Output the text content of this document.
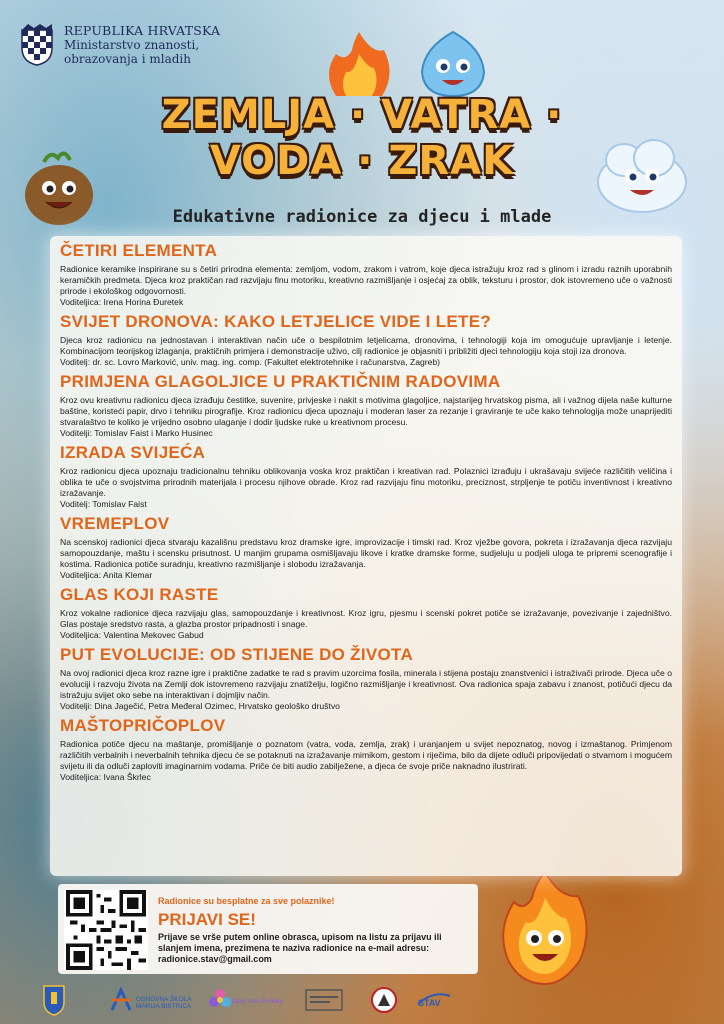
REPUBLIKA HRVATSKA
Ministarstvo znanosti,
obrazovanja i mladih
ZEMLJA · VATRA · VODA · ZRAK
Edukativne radionice za djecu i mlade
ČETIRI ELEMENTA

Radionice keramike inspirirane su s četiri prirodna elementa: zemljom, vodom, zrakom i vatrom, koje djeca istražuju kroz rad s glinom i izradu raznih uporabnih keramičkih predmeta. Djeca kroz praktičan rad razvijaju finu motoriku, kreativno razmišljanje i osjećaj za oblik, teksturu i prostor, dok istovremeno uče o važnosti prirode i ekološkog odgovornosti.

Voditeljica: Irena Horina Đuretek
SVIJET DRONOVA: KAKO LETJELICE VIDE I LETE?

Djeca kroz radionicu na jednostavan i interaktivan način uče o bespilotnim letjelicama, dronovima, i tehnologiji koja im omogućuje upravljanje i letenje. Kombinacijom teorijskog izlaganja, praktičnih primjera i demonstracije uživo, cilj radionice je objasniti i približiti djeci tehnologiju koja stoji iza dronova.

Voditelj: dr. sc. Lovro Marković, univ. mag. ing. comp. (Fakultet elektrotehnike i računarstva, Zagreb)
PRIMJENA GLAGOLJICE U PRAKTIČNIM RADOVIMA

Kroz ovu kreativnu radionicu djeca izrađuju čestitke, suvenire, privjeske i nakit s motivima glagoljice, najstarijeg hrvatskog pisma, ali i važnog dijela naše kulturne baštine, koristeći papir, drvo i tehniku pirografije. Kroz radionicu djeca upoznaju i moderan laser za rezanje i graviranje te uče kako tehnologija može unaprijediti stvaralaštvo te koliko je vrijedno osobno ulaganje i dodir ljudske ruke u kreativnom procesu.

Voditelji: Tomislav Faist i Marko Husinec
IZRADA SVIJEĆA

Kroz radionicu djeca upoznaju tradicionalnu tehniku oblikovanja voska kroz praktičan i kreativan rad. Polaznici izrađuju i ukrašavaju svijeće različitih veličina i oblika te uče o svojstvima prirodnih materijala i procesu njihove obrade. Kroz rad razvijaju finu motoriku, preciznost, strpljenje te potiču inventivnost i kreativno izražavanje.

Voditelj: Tomislav Faist
VREMEPLOV

Na scenskoj radionici djeca stvaraju kazališnu predstavu kroz dramske igre, improvizacije i timski rad. Kroz vježbe govora, pokreta i izražavanja djeca razvijaju samopouzdanje, maštu i scensku prisutnost. U manjim grupama osmišljavaju likove i kratke dramske forme, sudjeluju u podjeli uloga te pripremi scenografije i kostima. Radionica potiče suradnju, kreativno razmišljanje i slobodu izražavanja.

Voditeljica: Anita Klemar
GLAS KOJI RASTE

Kroz vokalne radionice djeca razvijaju glas, samopouzdanje i kreativnost. Kroz igru, pjesmu i scenski pokret potiče se izražavanje, povezivanje i zajedništvo. Glas postaje sredstvo rasta, a glazba prostor pripadnosti i snage.

Voditeljica: Valentina Mekovec Gabud
PUT EVOLUCIJE: OD STIJENE DO ŽIVOTA

Na ovoj radionici djeca kroz razne igre i praktične zadatke te rad s pravim uzorcima fosila, minerala i stijena postaju znanstvenici i istraživači prirode. Djeca uče o evoluciji i razvoju života na Zemlji dok istovremeno razvijaju znatiželju, logično razmišljanje i kreativnost. Ova radionica spaja zabavu i znanost, potičući djecu da istražuju svijet oko sebe na interaktivan i dojmljiv način.

Voditelji: Dina Jagečić, Petra Međeral Ozimec, Hrvatsko geološko društvo
MAŠTOPRIČOPLOV

Radionica potiče djecu na maštanje, promišljanje o poznatom (vatra, voda, zemlja, zrak) i uranjanjem u svijet nepoznatog, novog i izmaštanog. Primjenom različitih verbalnih i neverbalnih tehnika djecu će se potaknuti na izražavanje mimikom, gestom i riječima, bilo da dijete odluči pripovijedati o stvarnom i mogućem svijetu ili da odluči zaploviti imaginarnim vodama. Priče će biti audio zabilježene, a djeca će svoje priče naknadno ilustrirati.

Voditeljica: Ivana Škrlec
Radionice su besplatne za sve polaznike!
PRIJAVI SE!
Prijave se vrše putem online obrasca, upisom na listu za prijavu ili slanjem imena, prezimena te naziva radionice na e-mail adresu: radionice.stav@gmail.com
OSNOVNA ŠKOLA
MARIJA BISTRICA
Djeci više Publika	STAV
